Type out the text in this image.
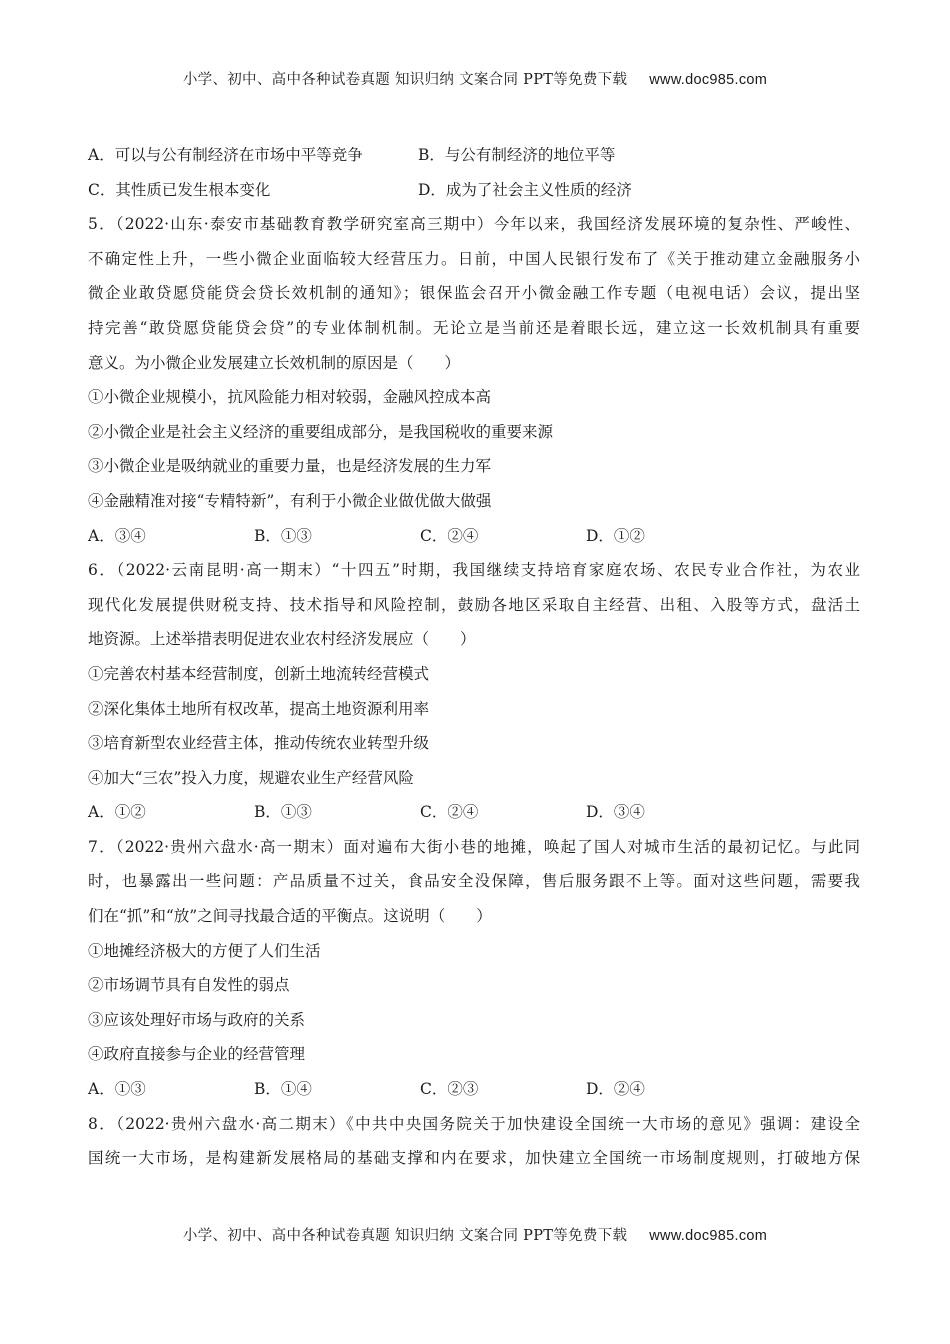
小学、初中、高中各种试卷真题 知识归纳 文案合同 PPT等免费下载 www.doc985.com
A．可以与公有制经济在市场中平等竞争	B．与公有制经济的地位平等
C．其性质已发生根本变化	D．成为了社会主义性质的经济
5．（2022·山东·泰安市基础教育教学研究室高三期中）今年以来，我国经济发展环境的复杂性、严峻性、
不确定性上升，一些小微企业面临较大经营压力。日前，中国人民银行发布了《关于推动建立金融服务小
微企业敢贷愿贷能贷会贷长效机制的通知》；银保监会召开小微金融工作专题（电视电话）会议，提出坚
持完善“敢贷愿贷能贷会贷”的专业体制机制。无论立是当前还是着眼长远，建立这一长效机制具有重要
意义。为小微企业发展建立长效机制的原因是（　　）
①小微企业规模小，抗风险能力相对较弱，金融风控成本高
②小微企业是社会主义经济的重要组成部分，是我国税收的重要来源
③小微企业是吸纳就业的重要力量，也是经济发展的生力军
④金融精准对接“专精特新”，有利于小微企业做优做大做强
A．③④	B．①③	C．②④	D．①②
6．（2022·云南昆明·高一期末）“十四五”时期，我国继续支持培育家庭农场、农民专业合作社，为农业
现代化发展提供财税支持、技术指导和风险控制，鼓励各地区采取自主经营、出租、入股等方式，盘活土
地资源。上述举措表明促进农业农村经济发展应（　　）
①完善农村基本经营制度，创新土地流转经营模式
②深化集体土地所有权改革，提高土地资源利用率
③培育新型农业经营主体，推动传统农业转型升级
④加大“三农”投入力度，规避农业生产经营风险
A．①②	B．①③	C．②④	D．③④
7．（2022·贵州六盘水·高一期末）面对遍布大街小巷的地摊，唤起了国人对城市生活的最初记忆。与此同
时，也暴露出一些问题：产品质量不过关，食品安全没保障，售后服务跟不上等。面对这些问题，需要我
们在“抓”和“放”之间寻找最合适的平衡点。这说明（　　）
①地摊经济极大的方便了人们生活
②市场调节具有自发性的弱点
③应该处理好市场与政府的关系
④政府直接参与企业的经营管理
A．①③	B．①④	C．②③	D．②④
8．（2022·贵州六盘水·高二期末）《中共中央国务院关于加快建设全国统一大市场的意见》强调：建设全
国统一大市场，是构建新发展格局的基础支撑和内在要求，加快建立全国统一市场制度规则，打破地方保
小学、初中、高中各种试卷真题 知识归纳 文案合同 PPT等免费下载 www.doc985.com
